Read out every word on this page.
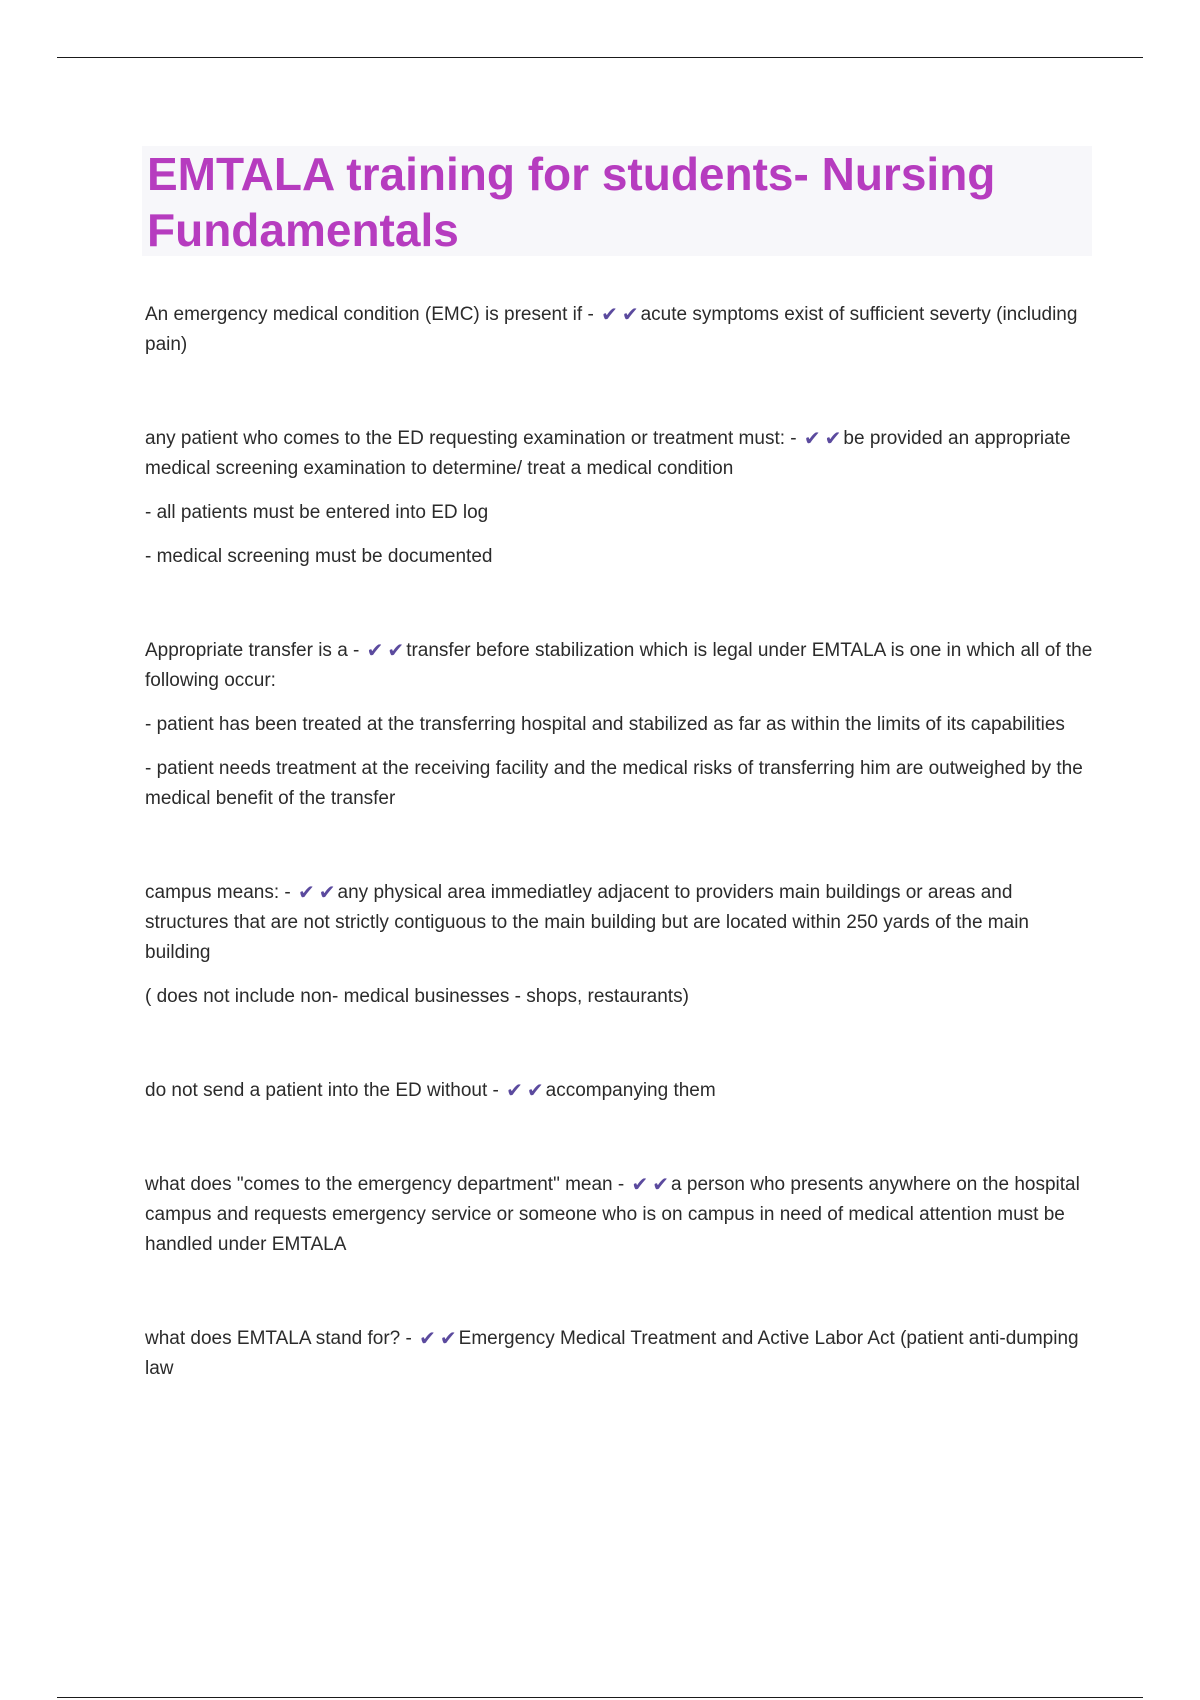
EMTALA training for students- Nursing Fundamentals

An emergency medical condition (EMC) is present if - ✔ ✔ acute symptoms exist of sufficient severty (including pain)

any patient who comes to the ED requesting examination or treatment must: - ✔ ✔ be provided an appropriate medical screening examination to determine/ treat a medical condition

- all patients must be entered into ED log

- medical screening must be documented

Appropriate transfer is a - ✔ ✔ transfer before stabilization which is legal under EMTALA is one in which all of the following occur:

- patient has been treated at the transferring hospital and stabilized as far as within the limits of its capabilities

- patient needs treatment at the receiving facility and the medical risks of transferring him are outweighed by the medical benefit of the transfer

campus means: - ✔ ✔ any physical area immediatley adjacent to providers main buildings or areas and structures that are not strictly contiguous to the main building but are located within 250 yards of the main building

( does not include non- medical businesses - shops, restaurants)

do not send a patient into the ED without - ✔ ✔ accompanying them

what does "comes to the emergency department" mean - ✔ ✔ a person who presents anywhere on the hospital campus and requests emergency service or someone who is on campus in need of medical attention must be handled under EMTALA

what does EMTALA stand for? - ✔ ✔ Emergency Medical Treatment and Active Labor Act (patient anti-dumping law
